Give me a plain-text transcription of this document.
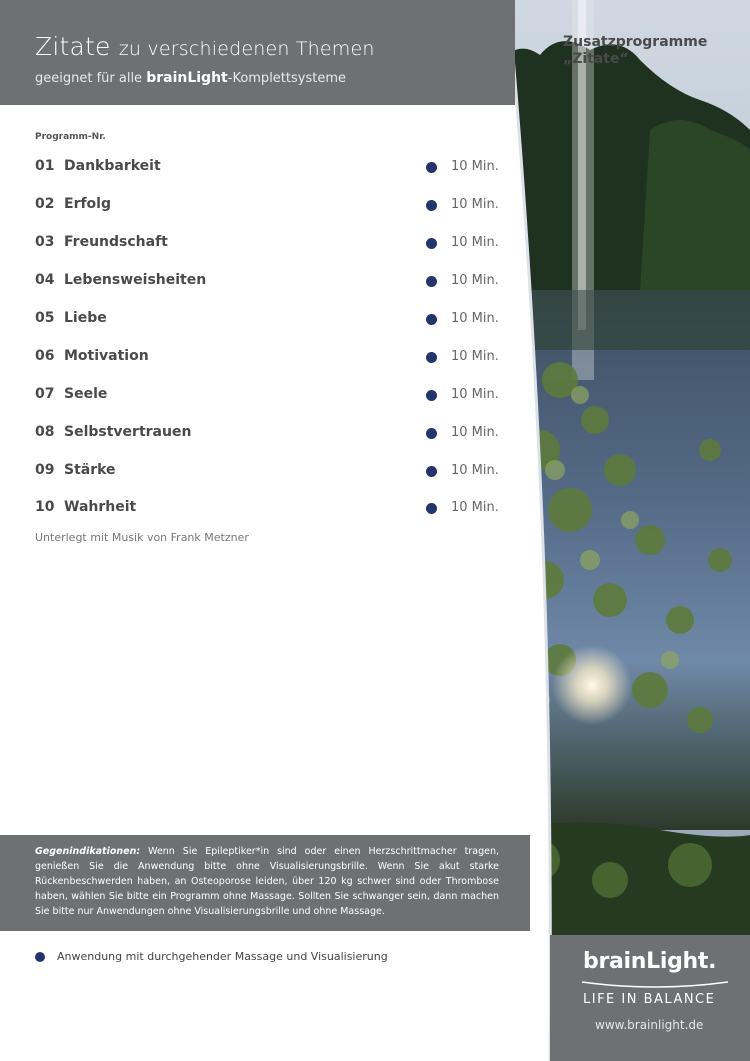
Zitate zu verschiedenen Themen
geeignet für alle brainLight-Komplettsysteme
Zusatzprogramme
„Zitate“
Programm-Nr.
01 Dankbarkeit	10 Min.
02 Erfolg	10 Min.
03 Freundschaft	10 Min.
04 Lebensweisheiten	10 Min.
05 Liebe	10 Min.
06 Motivation	10 Min.
07 Seele	10 Min.
08 Selbstvertrauen	10 Min.
09 Stärke	10 Min.
10 Wahrheit	10 Min.
Unterlegt mit Musik von Frank Metzner

Gegenindikationen: Wenn Sie Epileptiker*in sind oder einen Herzschrittmacher tragen, genießen Sie die Anwendung bitte ohne Visualisierungsbrille. Wenn Sie akut starke Rückenbeschwerden haben, an Osteoporose leiden, über 120 kg schwer sind oder Thrombose haben, wählen Sie bitte ein Programm ohne Massage. Sollten Sie schwanger sein, dann machen Sie bitte nur Anwendungen ohne Visualisierungsbrille und ohne Massage.

Anwendung mit durchgehender Massage und Visualisierung	brainLight.
LIFE IN BALANCE
www.brainlight.de
